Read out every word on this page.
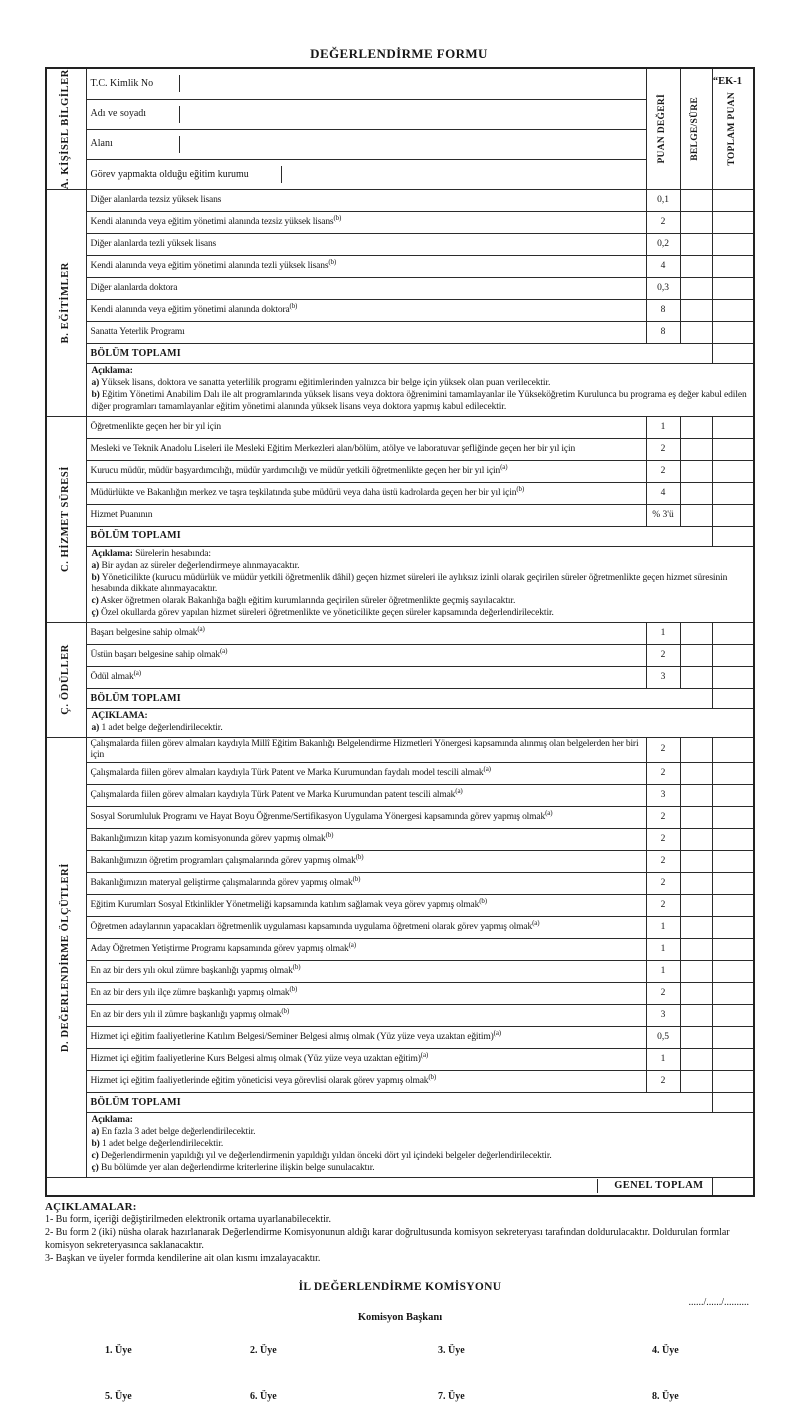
“EK-1
DEĞERLENDİRME FORMU
A. KİŞİSEL BİLGİLER	T.C. Kimlik No	PUAN DEĞERİ	BELGE/SÜRE	TOPLAM PUAN

Adı ve soyadı			

Alanı			

Görev yapmakta olduğu eğitim kurumu			

B. EĞİTİMLER	Diğer alanlarda tezsiz yüksek lisans	0,1		
	Kendi alanında veya eğitim yönetimi alanında tezsiz yüksek lisans$^{(b)}$	2		
	Diğer alanlarda tezli yüksek lisans	0,2		
	Kendi alanında veya eğitim yönetimi alanında tezli yüksek lisans$^{(b)}$	4		
	Diğer alanlarda doktora	0,3		
	Kendi alanında veya eğitim yönetimi alanında doktora$^{(b)}$	8		
	Sanatta Yeterlik Programı	8		
	BÖLÜM TOPLAMI			

	Açıklama:
a) Yüksek lisans, doktora ve sanatta yeterlilik programı eğitimlerinden yalnızca bir belge için yüksek olan puan verilecektir.
b) Eğitim Yönetimi Anabilim Dalı ile alt programlarında yüksek lisans veya doktora öğrenimini tamamlayanlar ile Yükseköğretim Kurulunca bu programa eş değer kabul edilen diğer programları tamamlayanlar eğitim yönetimi alanında yüksek lisans veya doktora yapmış kabul edilecektir.			

C. HİZMET SÜRESİ	Öğretmenlikte geçen her bir yıl için	1		
	Mesleki ve Teknik Anadolu Liseleri ile Mesleki Eğitim Merkezleri alan/bölüm, atölye ve laboratuvar şefliğinde geçen her bir yıl için	2		
	Kurucu müdür, müdür başyardımcılığı, müdür yardımcılığı ve müdür yetkili öğretmenlikte geçen her bir yıl için$^{(a)}$	2		
	Müdürlükte ve Bakanlığın merkez ve taşra teşkilatında şube müdürü veya daha üstü kadrolarda geçen her bir yıl için$^{(b)}$	4		
	Hizmet Puanının	% 3'ü		
	BÖLÜM TOPLAMI			

	Açıklama: Sürelerin hesabında:
a) Bir aydan az süreler değerlendirmeye alınmayacaktır.
b) Yöneticilikte (kurucu müdürlük ve müdür yetkili öğretmenlik dâhil) geçen hizmet süreleri ile aylıksız izinli olarak geçirilen süreler öğretmenlikte geçen hizmet süresinin hesabında dikkate alınmayacaktır.
c) Asker öğretmen olarak Bakanlığa bağlı eğitim kurumlarında geçirilen süreler öğretmenlikte geçmiş sayılacaktır.
ç) Özel okullarda görev yapılan hizmet süreleri öğretmenlikte ve yöneticilikte geçen süreler kapsamında değerlendirilecektir.			

Ç. ÖDÜLLER	Başarı belgesine sahip olmak$^{(a)}$	1		
	Üstün başarı belgesine sahip olmak$^{(a)}$	2		
	Ödül almak$^{(a)}$	3		
	BÖLÜM TOPLAMI			

	AÇIKLAMA:
a) 1 adet belge değerlendirilecektir.			

D. DEĞERLENDİRME ÖLÇÜTLERİ	Çalışmalarda fiilen görev almaları kaydıyla Millî Eğitim Bakanlığı Belgelendirme Hizmetleri Yönergesi kapsamında alınmış olan belgelerden her biri için	2		
	Çalışmalarda fiilen görev almaları kaydıyla Türk Patent ve Marka Kurumundan faydalı model tescili almak$^{(a)}$	2		
	Çalışmalarda fiilen görev almaları kaydıyla Türk Patent ve Marka Kurumundan patent tescili almak$^{(a)}$	3		
	Sosyal Sorumluluk Programı ve Hayat Boyu Öğrenme/Sertifikasyon Uygulama Yönergesi kapsamında görev yapmış olmak$^{(a)}$	2		
	Bakanlığımızın kitap yazım komisyonunda görev yapmış olmak$^{(b)}$	2		
	Bakanlığımızın öğretim programları çalışmalarında görev yapmış olmak$^{(b)}$	2		
	Bakanlığımızın materyal geliştirme çalışmalarında görev yapmış olmak$^{(b)}$	2		
	Eğitim Kurumları Sosyal Etkinlikler Yönetmeliği kapsamında katılım sağlamak veya görev yapmış olmak$^{(b)}$	2		
	Öğretmen adaylarının yapacakları öğretmenlik uygulaması kapsamında uygulama öğretmeni olarak görev yapmış olmak$^{(a)}$	1		
	Aday Öğretmen Yetiştirme Programı kapsamında görev yapmış olmak$^{(a)}$	1		
	En az bir ders yılı okul zümre başkanlığı yapmış olmak$^{(b)}$	1		
	En az bir ders yılı ilçe zümre başkanlığı yapmış olmak$^{(b)}$	2		
	En az bir ders yılı il zümre başkanlığı yapmış olmak$^{(b)}$	3		
	Hizmet içi eğitim faaliyetlerine Katılım Belgesi/Seminer Belgesi almış olmak (Yüz yüze veya uzaktan eğitim)$^{(a)}$	0,5		
	Hizmet içi eğitim faaliyetlerine Kurs Belgesi almış olmak (Yüz yüze veya uzaktan eğitim)$^{(a)}$	1		
	Hizmet içi eğitim faaliyetlerinde eğitim yöneticisi veya görevlisi olarak görev yapmış olmak$^{(b)}$	2		
	BÖLÜM TOPLAMI			

	Açıklama:
a) En fazla 3 adet belge değerlendirilecektir.
b) 1 adet belge değerlendirilecektir.
c) Değerlendirmenin yapıldığı yıl ve değerlendirmenin yapıldığı yıldan önceki dört yıl içindeki belgeler değerlendirilecektir.
ç) Bu bölümde yer alan değerlendirme kriterlerine ilişkin belge sunulacaktır.			

GENEL TOPLAM				
AÇIKLAMALAR:
1- Bu form, içeriği değiştirilmeden elektronik ortama uyarlanabilecektir.
2- Bu form 2 (iki) nüsha olarak hazırlanarak Değerlendirme Komisyonunun aldığı karar doğrultusunda komisyon sekreteryası tarafından doldurulacaktır. Doldurulan formlar komisyon sekreteryasınca saklanacaktır.
3- Başkan ve üyeler formda kendilerine ait olan kısmı imzalayacaktır.
İL DEĞERLENDİRME KOMİSYONU
....../....../..........
Komisyon Başkanı
1. Üye	2. Üye	3. Üye	4. Üye
5. Üye	6. Üye	7. Üye	8. Üye
